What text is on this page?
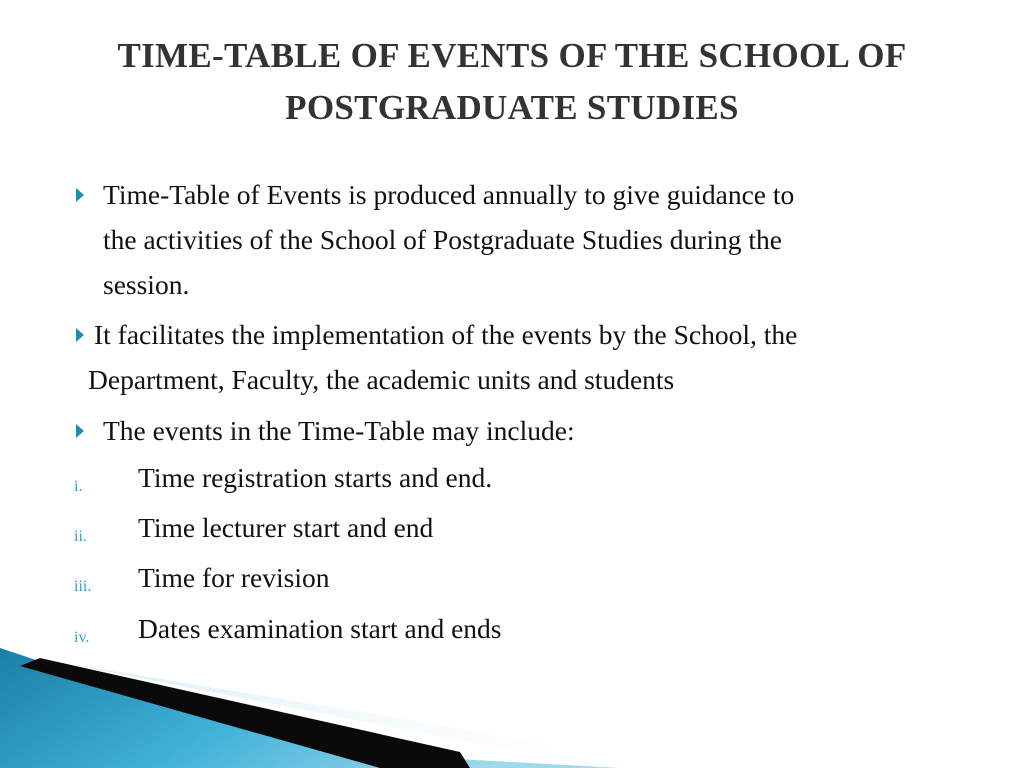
TIME-TABLE OF EVENTS OF THE SCHOOL OF
POSTGRADUATE STUDIES
Time-Table of Events is produced annually to give guidance to
the activities of the School of Postgraduate Studies during the
session.
It facilitates the implementation of the events by the School, the
Department, Faculty, the academic units and students
The events in the Time-Table may include:
i. Time registration starts and end.
ii. Time lecturer start and end
iii. Time for revision
iv. Dates examination start and ends
